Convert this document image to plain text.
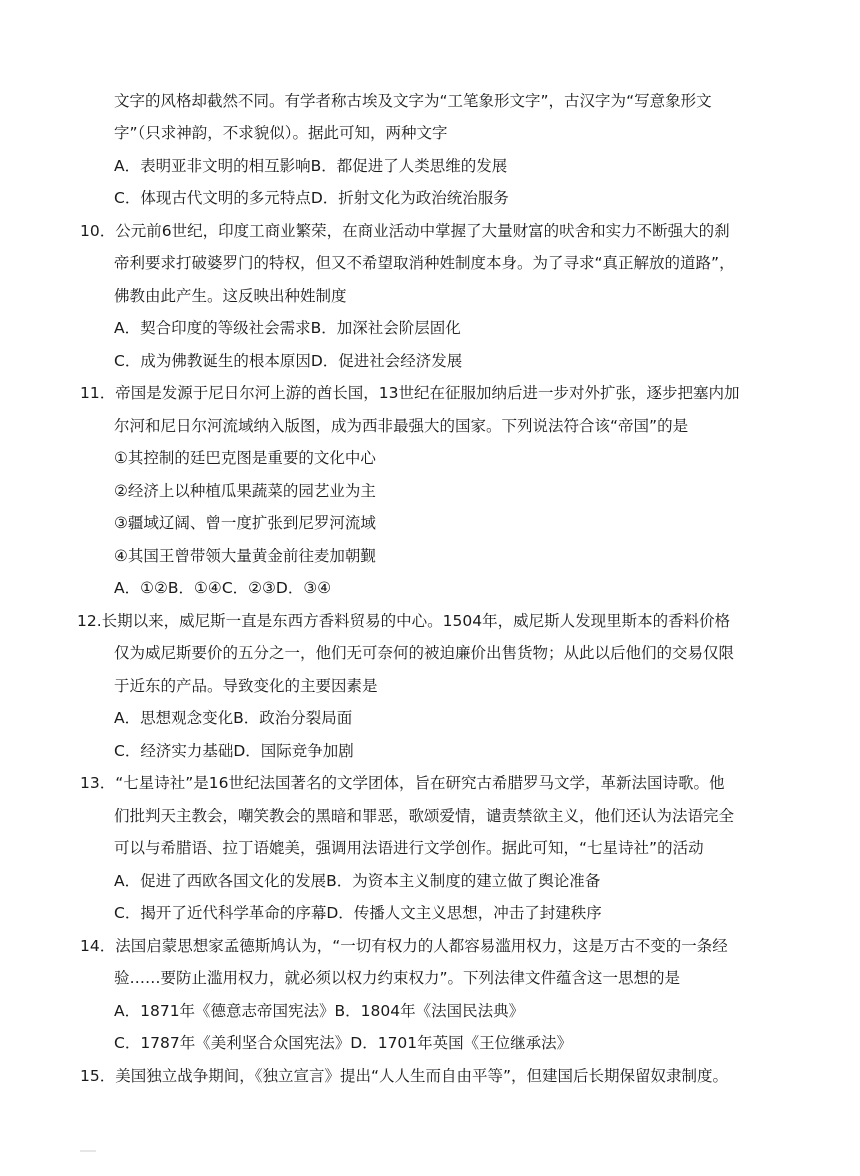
文字的风格却截然不同。有学者称古埃及文字为“工笔象形文字”，古汉字为“写意象形文
字”（只求神韵，不求貌似）。据此可知，两种文字
A．表明亚非文明的相互影响B．都促进了人类思维的发展
C．体现古代文明的多元特点D．折射文化为政治统治服务
10．公元前6世纪，印度工商业繁荣，在商业活动中掌握了大量财富的吠舍和实力不断强大的刹
帝利要求打破婆罗门的特权，但又不希望取消种姓制度本身。为了寻求“真正解放的道路”，
佛教由此产生。这反映出种姓制度
A．契合印度的等级社会需求B．加深社会阶层固化
C．成为佛教诞生的根本原因D．促进社会经济发展
11．帝国是发源于尼日尔河上游的酋长国，13世纪在征服加纳后进一步对外扩张，逐步把塞内加
尔河和尼日尔河流域纳入版图，成为西非最强大的国家。下列说法符合该“帝国”的是
①其控制的廷巴克图是重要的文化中心
②经济上以种植瓜果蔬菜的园艺业为主
③疆域辽阔、曾一度扩张到尼罗河流域
④其国王曾带领大量黄金前往麦加朝觐
A．①②B．①④C．②③D．③④
12.长期以来，威尼斯一直是东西方香料贸易的中心。1504年，威尼斯人发现里斯本的香料价格
仅为威尼斯要价的五分之一，他们无可奈何的被迫廉价出售货物；从此以后他们的交易仅限
于近东的产品。导致变化的主要因素是
A．思想观念变化B．政治分裂局面
C．经济实力基础D．国际竞争加剧
13．“七星诗社”是16世纪法国著名的文学团体，旨在研究古希腊罗马文学，革新法国诗歌。他
们批判天主教会，嘲笑教会的黑暗和罪恶，歌颂爱情，谴责禁欲主义，他们还认为法语完全
可以与希腊语、拉丁语媲美，强调用法语进行文学创作。据此可知，“七星诗社”的活动
A．促进了西欧各国文化的发展B．为资本主义制度的建立做了舆论准备
C．揭开了近代科学革命的序幕D．传播人文主义思想，冲击了封建秩序
14．法国启蒙思想家孟德斯鸠认为，“一切有权力的人都容易滥用权力，这是万古不变的一条经
验……要防止滥用权力，就必须以权力约束权力”。下列法律文件蕴含这一思想的是
A．1871年《德意志帝国宪法》B．1804年《法国民法典》
C．1787年《美利坚合众国宪法》D．1701年英国《王位继承法》
15．美国独立战争期间，《独立宣言》提出“人人生而自由平等”，但建国后长期保留奴隶制度。
